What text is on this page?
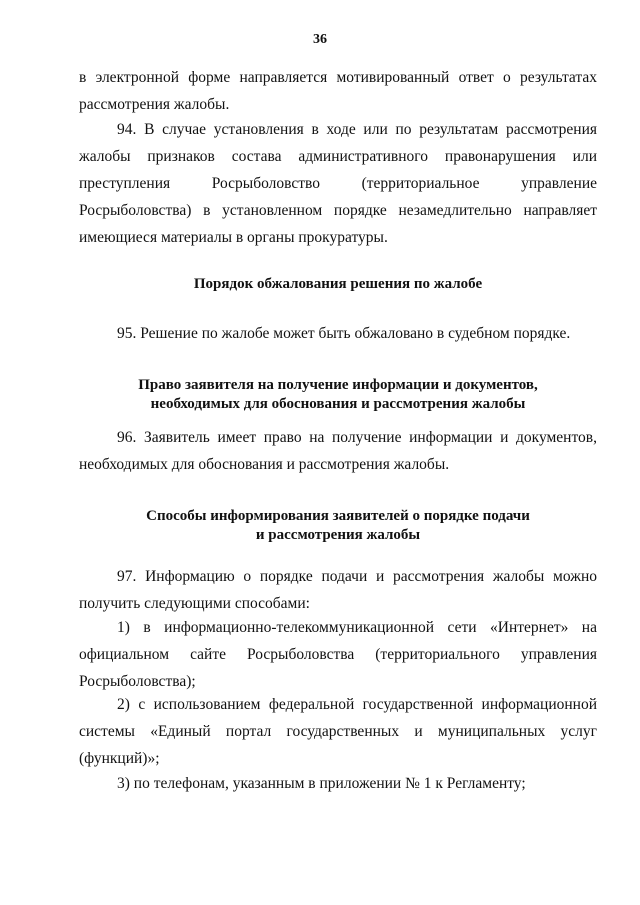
36

в электронной форме направляется мотивированный ответ о результатах рассмотрения жалобы.

94. В случае установления в ходе или по результатам рассмотрения жалобы признаков состава административного правонарушения или преступления Росрыболовство (территориальное управление Росрыболовства) в установленном порядке незамедлительно направляет имеющиеся материалы в органы прокуратуры.

Порядок обжалования решения по жалобе

95. Решение по жалобе может быть обжаловано в судебном порядке.

Право заявителя на получение информации и документов,
необходимых для обоснования и рассмотрения жалобы

96. Заявитель имеет право на получение информации и документов, необходимых для обоснования и рассмотрения жалобы.

Способы информирования заявителей о порядке подачи
и рассмотрения жалобы

97. Информацию о порядке подачи и рассмотрения жалобы можно получить следующими способами:

1) в информационно-телекоммуникационной сети «Интернет» на официальном сайте Росрыболовства (территориального управления Росрыболовства);

2) с использованием федеральной государственной информационной системы «Единый портал государственных и муниципальных услуг (функций)»;

3) по телефонам, указанным в приложении № 1 к Регламенту;
